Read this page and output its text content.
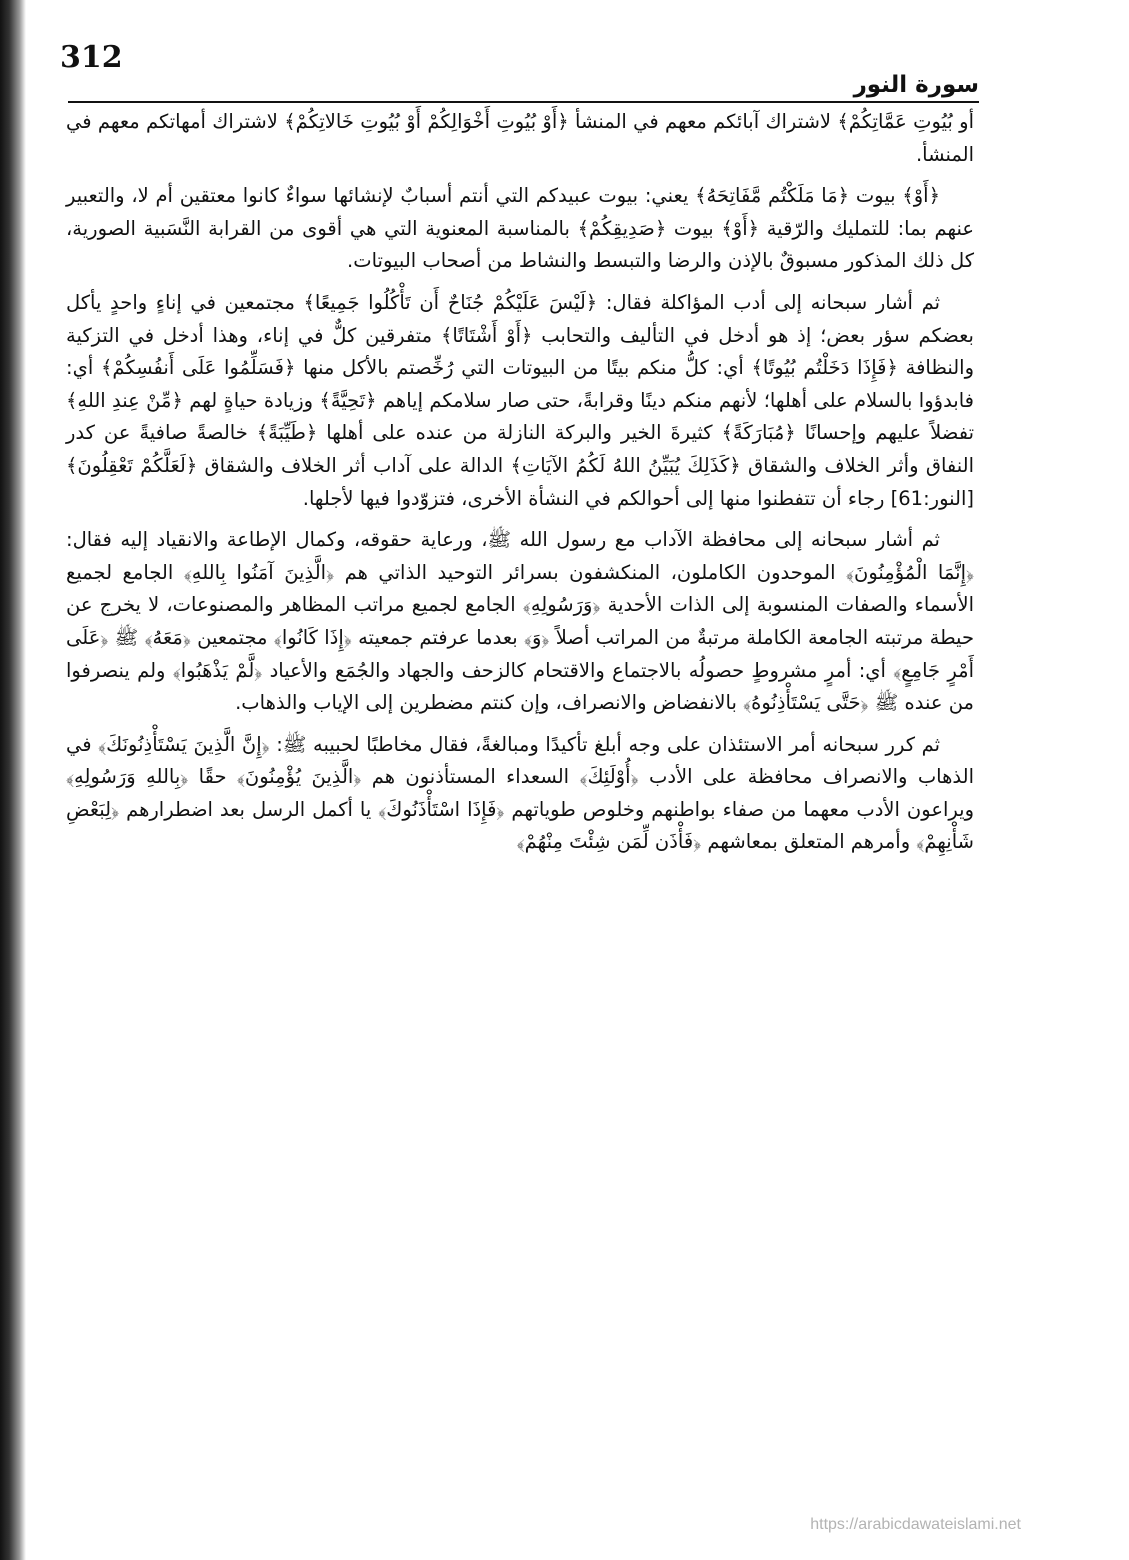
312
سورة النور

أو بُيُوتِ عَمَّاتِكُمْ﴾ لاشتراك آبائكم معهم في المنشأ ﴿أَوْ بُيُوتِ أَخْوَالِكُمْ أَوْ بُيُوتِ خَالاتِكُمْ﴾ لاشتراك أمهاتكم معهم في المنشأ.

﴿أَوْ﴾ بيوت ﴿مَا مَلَكْتُم مَّفَاتِحَهُ﴾ يعني: بيوت عبيدكم التي أنتم أسبابٌ لإنشائها سواءٌ كانوا معتقين أم لا، والتعبير عنهم بما: للتمليك والرّقية ﴿أَوْ﴾ بيوت ﴿صَدِيقِكُمْ﴾ بالمناسبة المعنوية التي هي أقوى من القرابة النَّسَبية الصورية، كل ذلك المذكور مسبوقٌ بالإذن والرضا والتبسط والنشاط من أصحاب البيوتات.

ثم أشار سبحانه إلى أدب المؤاكلة فقال: ﴿لَيْسَ عَلَيْكُمْ جُنَاحٌ أَن تَأْكُلُوا جَمِيعًا﴾ مجتمعين في إناءٍ واحدٍ يأكل بعضكم سؤر بعض؛ إذ هو أدخل في التأليف والتحابب ﴿أَوْ أَشْتَاتًا﴾ متفرقين كلٌّ في إناء، وهذا أدخل في التزكية والنظافة ﴿فَإِذَا دَخَلْتُم بُيُوتًا﴾ أي: كلُّ منكم بيتًا من البيوتات التي رُخِّصتم بالأكل منها ﴿فَسَلِّمُوا عَلَى أَنفُسِكُمْ﴾ أي: فابدؤوا بالسلام على أهلها؛ لأنهم منكم دينًا وقرابةً، حتى صار سلامكم إياهم ﴿تَحِيَّةً﴾ وزيادة حياةٍ لهم ﴿مِّنْ عِندِ اللهِ﴾ تفضلاً عليهم وإحسانًا ﴿مُبَارَكَةً﴾ كثيرةَ الخير والبركة النازلة من عنده على أهلها ﴿طَيِّبَةً﴾ خالصةً صافيةً عن كدر النفاق وأثر الخلاف والشقاق ﴿كَذَلِكَ يُبَيِّنُ اللهُ لَكُمُ الآيَاتِ﴾ الدالة على آداب أثر الخلاف والشقاق ﴿لَعَلَّكُمْ تَعْقِلُونَ﴾ [النور:61] رجاء أن تتفطنوا منها إلى أحوالكم في النشأة الأخرى، فتزوّدوا فيها لأجلها.

ثم أشار سبحانه إلى محافظة الآداب مع رسول الله ﷺ، ورعاية حقوقه، وكمال الإطاعة والانقياد إليه فقال: ﴿إِنَّمَا الْمُؤْمِنُونَ﴾ الموحدون الكاملون، المنكشفون بسرائر التوحيد الذاتي هم ﴿الَّذِينَ آمَنُوا بِاللهِ﴾ الجامع لجميع الأسماء والصفات المنسوبة إلى الذات الأحدية ﴿وَرَسُولِهِ﴾ الجامع لجميع مراتب المظاهر والمصنوعات، لا يخرج عن حيطة مرتبته الجامعة الكاملة مرتبةٌ من المراتب أصلاً ﴿وَ﴾ بعدما عرفتم جمعيته ﴿إِذَا كَانُوا﴾ مجتمعين ﴿مَعَهُ﴾ ﷺ ﴿عَلَى أَمْرٍ جَامِعٍ﴾ أي: أمرٍ مشروطٍ حصولُه بالاجتماع والاقتحام كالزحف والجهاد والجُمَع والأعياد ﴿لَّمْ يَذْهَبُوا﴾ ولم ينصرفوا من عنده ﷺ ﴿حَتَّى يَسْتَأْذِنُوهُ﴾ بالانفضاض والانصراف، وإن كنتم مضطرين إلى الإياب والذهاب.

ثم كرر سبحانه أمر الاستئذان على وجه أبلغ تأكيدًا ومبالغةً، فقال مخاطبًا لحبيبه ﷺ: ﴿إِنَّ الَّذِينَ يَسْتَأْذِنُونَكَ﴾ في الذهاب والانصراف محافظة على الأدب ﴿أُوْلَئِكَ﴾ السعداء المستأذنون هم ﴿الَّذِينَ يُؤْمِنُونَ﴾ حقًا ﴿بِاللهِ وَرَسُولِهِ﴾ ويراعون الأدب معهما من صفاء بواطنهم وخلوص طوياتهم ﴿فَإِذَا اسْتَأْذَنُوكَ﴾ يا أكمل الرسل بعد اضطرارهم ﴿لِبَعْضِ شَأْنِهِمْ﴾ وأمرهم المتعلق بمعاشهم ﴿فَأْذَن لِّمَن شِئْتَ مِنْهُمْ﴾

https://arabicdawateislami.net
